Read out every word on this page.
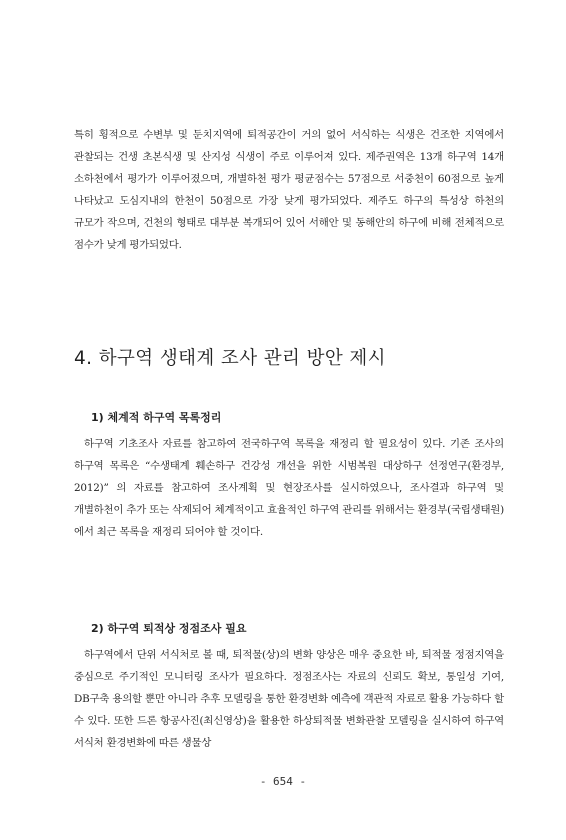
특히 횡적으로 수변부 및 둔치지역에 퇴적공간이 거의 없어 서식하는 식생은 건조한 지역에서 관찰되는 건생 초본식생 및 산지성 식생이 주로 이루어져 있다. 제주권역은 13개 하구역 14개 소하천에서 평가가 이루어졌으며, 개별하천 평가 평균점수는 57점으로 서중천이 60점으로 높게 나타났고 도심지내의 한천이 50점으로 가장 낮게 평가되었다. 제주도 하구의 특성상 하천의 규모가 작으며, 건천의 형태로 대부분 복개되어 있어 서해안 및 동해안의 하구에 비해 전체적으로 점수가 낮게 평가되었다.

4. 하구역 생태계 조사 관리 방안 제시
1) 체계적 하구역 목록정리

하구역 기초조사 자료를 참고하여 전국하구역 목록을 재정리 할 필요성이 있다. 기존 조사의 하구역 목록은 “수생태계 훼손하구 건강성 개선을 위한 시범복원 대상하구 선정연구(환경부, 2012)” 의 자료를 참고하여 조사계획 및 현장조사를 실시하였으나, 조사결과 하구역 및 개별하천이 추가 또는 삭제되어 체계적이고 효율적인 하구역 관리를 위해서는 환경부(국립생태원)에서 최근 목록을 재정리 되어야 할 것이다.

2) 하구역 퇴적상 정점조사 필요

하구역에서 단위 서식처로 볼 때, 퇴적물(상)의 변화 양상은 매우 중요한 바, 퇴적물 정점지역을 중심으로 주기적인 모니터링 조사가 필요하다. 정점조사는 자료의 신뢰도 확보, 통일성 기여, DB구축 용의할 뿐만 아니라 추후 모델링을 통한 환경변화 예측에 객관적 자료로 활용 가능하다 할 수 있다. 또한 드론 항공사진(최신영상)을 활용한 하상퇴적물 변화관찰 모델링을 실시하여 하구역 서식처 환경변화에 따른 생물상

- 654 -
